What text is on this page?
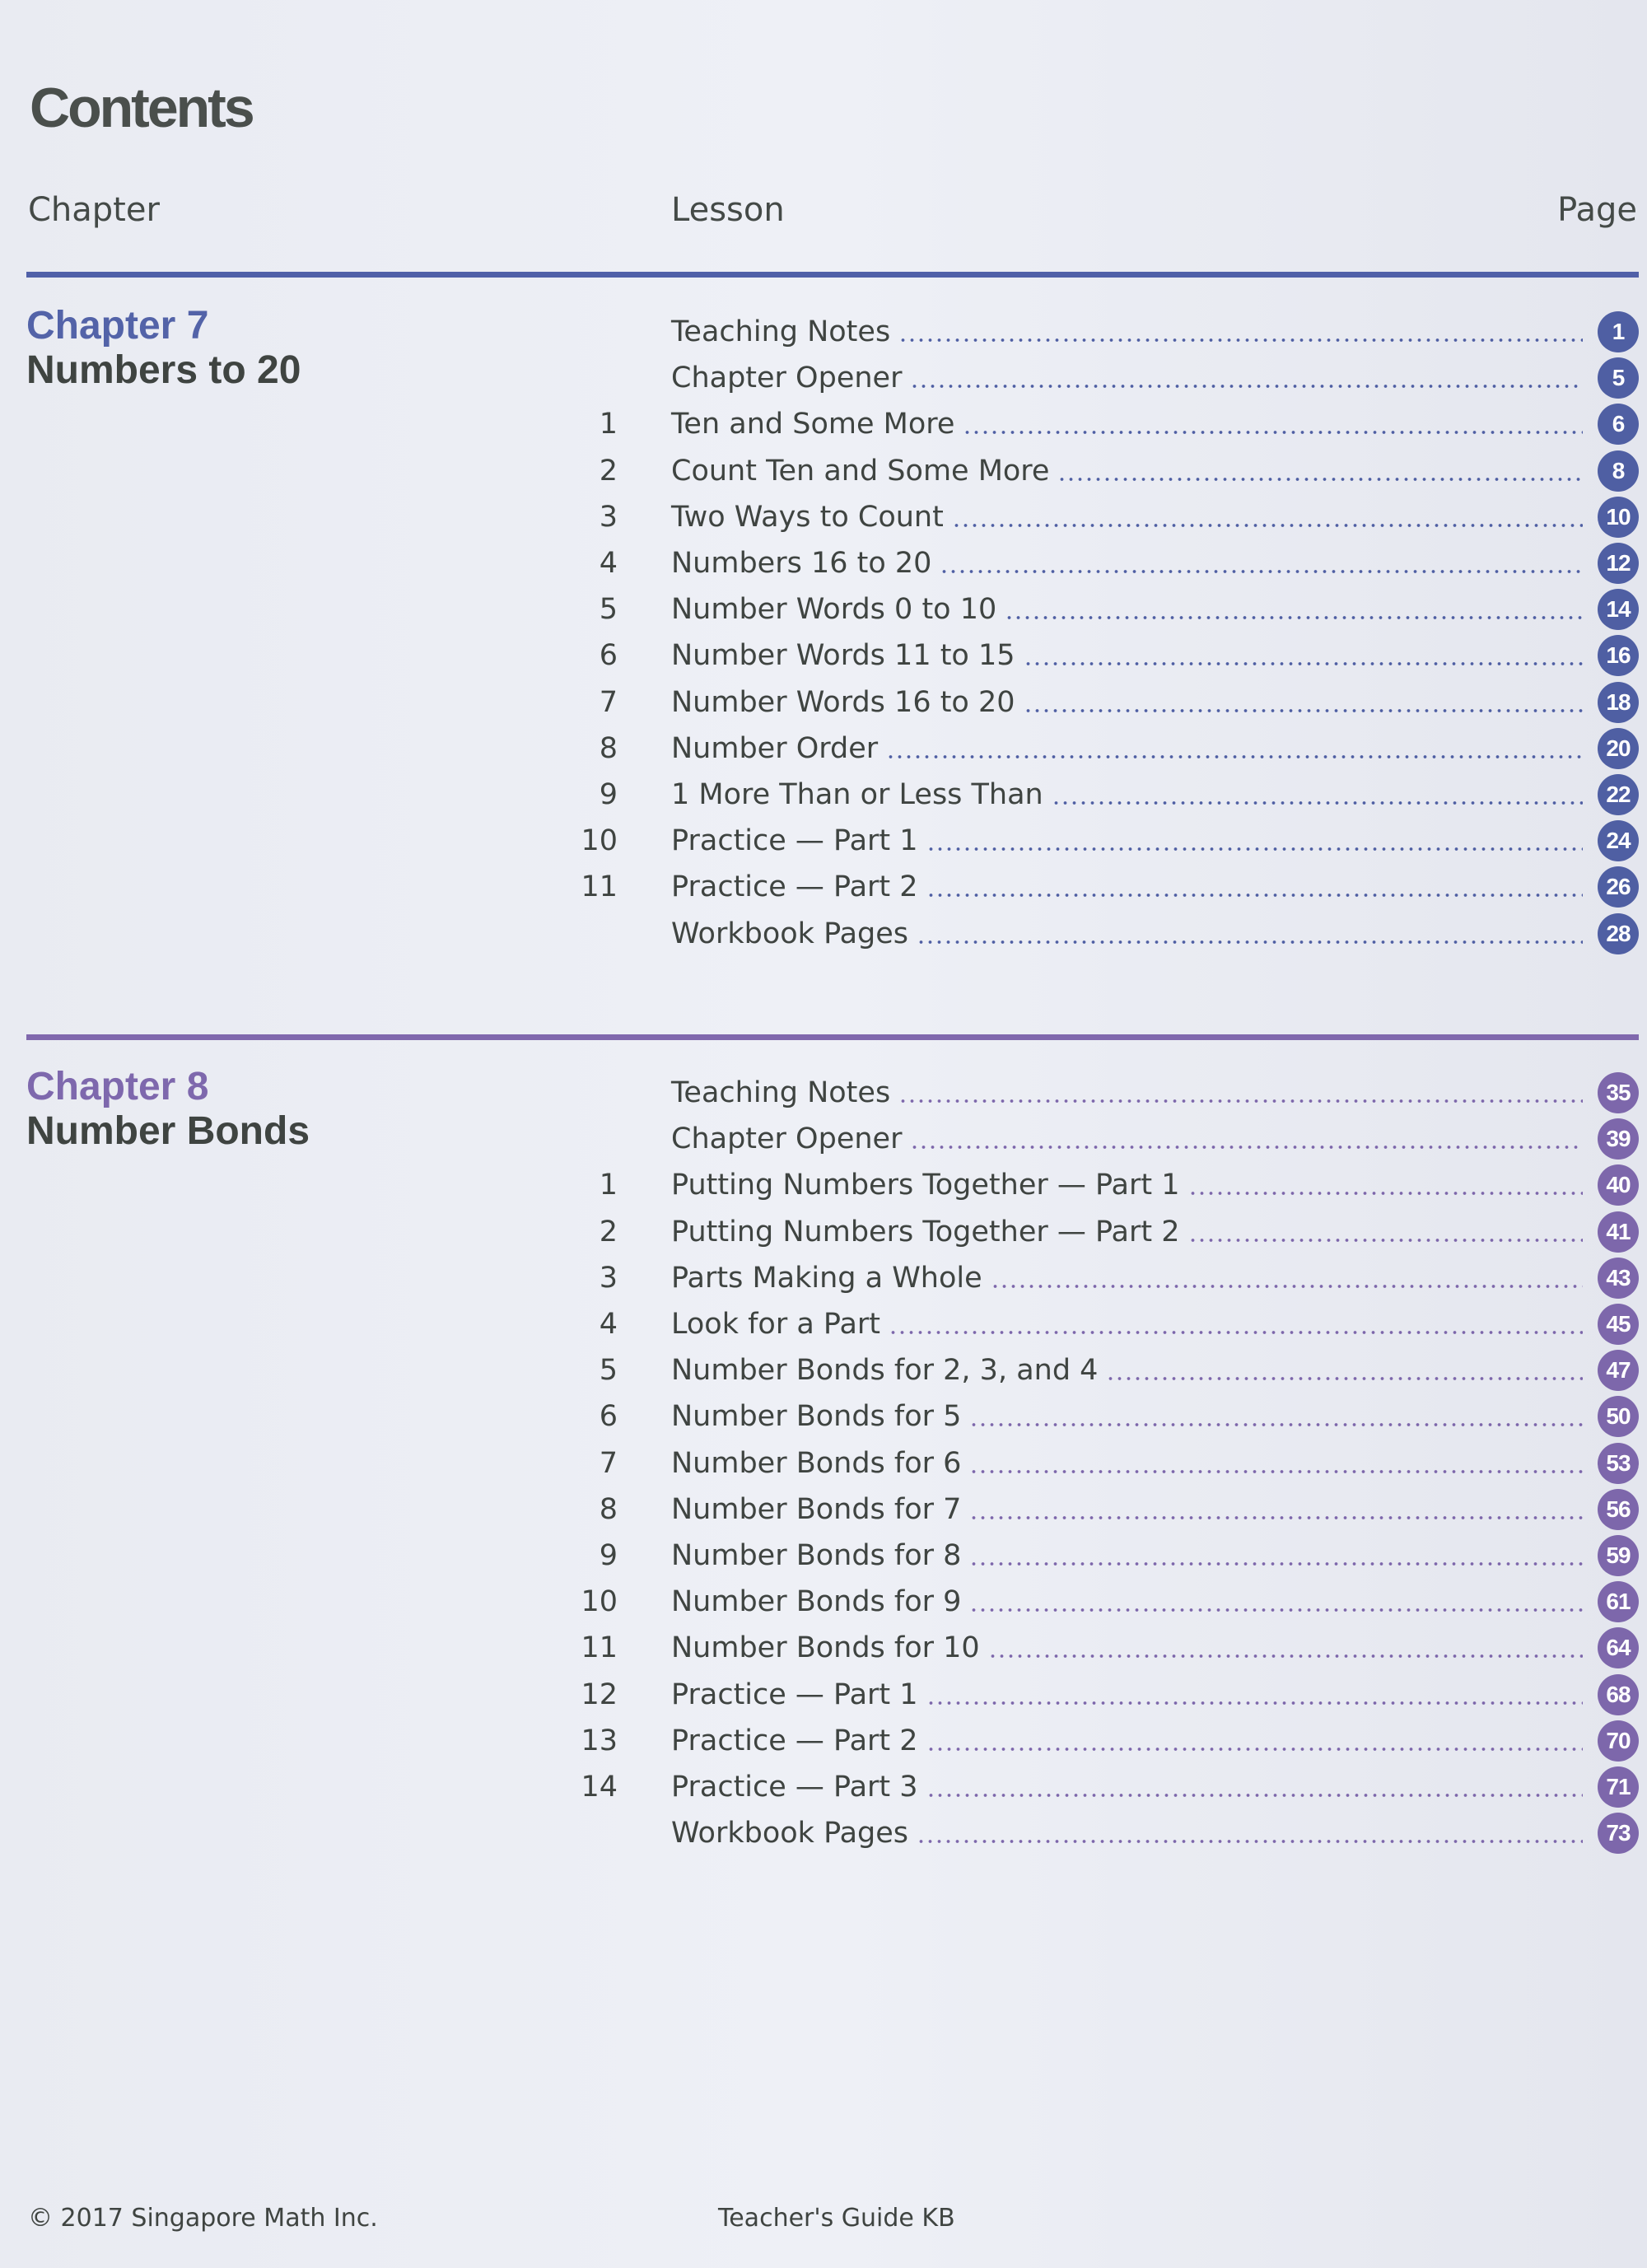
Contents
Chapter	Lesson	Page
Chapter 7
Numbers to 20
Teaching Notes	1
Chapter Opener	5
1	Ten and Some More	6
2	Count Ten and Some More	8
3	Two Ways to Count	10
4	Numbers 16 to 20	12
5	Number Words 0 to 10	14
6	Number Words 11 to 15	16
7	Number Words 16 to 20	18
8	Number Order	20
9	1 More Than or Less Than	22
10	Practice — Part 1	24
11	Practice — Part 2	26
Workbook Pages	28
Chapter 8
Number Bonds
Teaching Notes	35
Chapter Opener	39
1	Putting Numbers Together — Part 1	40
2	Putting Numbers Together — Part 2	41
3	Parts Making a Whole	43
4	Look for a Part	45
5	Number Bonds for 2, 3, and 4	47
6	Number Bonds for 5	50
7	Number Bonds for 6	53
8	Number Bonds for 7	56
9	Number Bonds for 8	59
10	Number Bonds for 9	61
11	Number Bonds for 10	64
12	Practice — Part 1	68
13	Practice — Part 2	70
14	Practice — Part 3	71
Workbook Pages	73
© 2017 Singapore Math Inc.	Teacher's Guide KB
